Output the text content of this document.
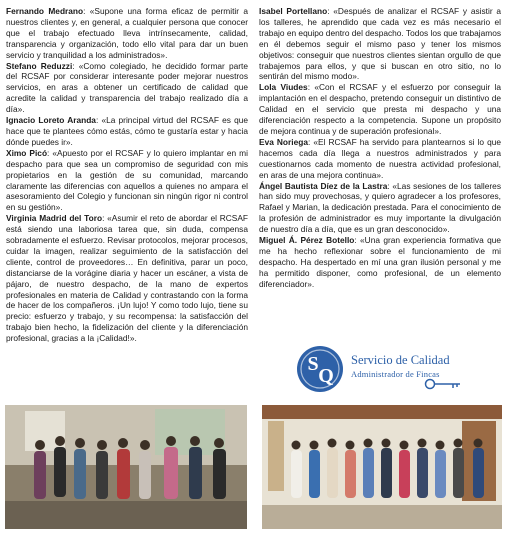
Fernando Medrano: «Supone una forma eficaz de permitir a nuestros clientes y, en general, a cualquier persona que conocer que el trabajo efectuado lleva intrínsecamente, calidad, transparencia y organización, todo ello vital para dar un buen servicio y tranquilidad a los administrados».

Stefano Reduzzi: «Como colegiado, he decidido formar parte del RCSAF por considerar interesante poder mejorar nuestros servicios, en aras a obtener un certificado de calidad que acredite la calidad y transparencia del trabajo realizado día a día».

Ignacio Loreto Aranda: «La principal virtud del RCSAF es que hace que te plantees cómo estás, cómo te gustaría estar y hacia dónde puedes ir».

Ximo Picó: «Apuesto por el RCSAF y lo quiero implantar en mi despacho para que sea un compromiso de seguridad con mis propietarios en la gestión de su comunidad, marcando claramente las diferencias con aquellos a quienes no ampara el asesoramiento del Colegio y funcionan sin ningún rigor ni control en su gestión».

Virginia Madrid del Toro: «Asumir el reto de abordar el RCSAF está siendo una laboriosa tarea que, sin duda, compensa sobradamente el esfuerzo. Revisar protocolos, mejorar procesos, cuidar la imagen, realizar seguimiento de la satisfacción del cliente, control de proveedores… En definitiva, parar un poco, distanciarse de la vorágine diaria y hacer un escáner, a vista de pájaro, de nuestro despacho, de la mano de expertos profesionales en materia de Calidad y contrastando con la forma de hacer de los compañeros. ¡Un lujo! Y como todo lujo, tiene su precio: esfuerzo y trabajo, y su recompensa: la satisfacción del trabajo bien hecho, la fidelización del cliente y la diferenciación profesional, gracias a la ¡Calidad!».

Isabel Portellano: «Después de analizar el RCSAF y asistir a los talleres, he aprendido que cada vez es más necesario el trabajo en equipo dentro del despacho. Todos los que trabajamos en él debemos seguir el mismo paso y tener los mismos objetivos: conseguir que nuestros clientes sientan orgullo de que trabajemos para ellos, y que si buscan en otro sitio, no lo sentirán del mismo modo».

Lola Viudes: «Con el RCSAF y el esfuerzo por conseguir la implantación en el despacho, pretendo conseguir un distintivo de Calidad en el servicio que presta mi despacho y una diferenciación respecto a la competencia. Supone un propósito de mejora continua y de superación profesional».

Eva Noriega: «El RCSAF ha servido para plantearnos si lo que hacemos cada día llega a nuestros administrados y para cuestionarnos cada momento de nuestra actividad profesional, en aras de una mejora continua».

Ángel Bautista Díez de la Lastra: «Las sesiones de los talleres han sido muy provechosas, y quiero agradecer a los profesores, Rafael y Marian, la dedicación prestada. Para el conocimiento de la profesión de administrador es muy importante la divulgación de nuestro día a día, que es un gran desconocido».

Miguel Á. Pérez Botello: «Una gran experiencia formativa que me ha hecho reflexionar sobre el funcionamiento de mi despacho. Ha despertado en mí una gran ilusión personal y me ha permitido disponer, como profesional, de un elemento diferenciador».

S
Q
Servicio de Calidad
Administrador de Fincas
